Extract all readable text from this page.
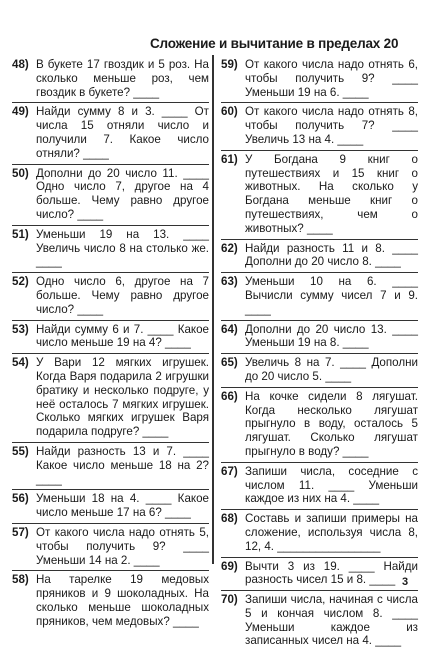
Сложение и вычитание в пределах 20
48) В букете 17 гвоздик и 5 роз. На сколько меньше роз, чем гвоздик в букете? ____
49) Найди сумму 8 и 3. ____ От числа 15 отняли число и получили 7. Какое число отняли? ____
50) Дополни до 20 число 11. ____ Одно число 7, другое на 4 больше. Чему равно другое число? ____
51) Уменьши 19 на 13. ____ Увеличь число 8 на столько же. ____
52) Одно число 6, другое на 7 больше. Чему равно другое число? ____
53) Найди сумму 6 и 7. ____ Какое число меньше 19 на 4? ____
54) У Вари 12 мягких игрушек. Когда Варя подарила 2 игрушки братику и несколько подруге, у неё осталось 7 мягких игрушек. Сколько мягких игрушек Варя подарила подруге? ____
55) Найди разность 13 и 7. ____ Какое число меньше 18 на 2? ____
56) Уменьши 18 на 4. ____ Какое число меньше 17 на 6? ____
57) От какого числа надо отнять 5, чтобы получить 9? ____ Уменьши 14 на 2. ____
58) На тарелке 19 медовых пряников и 9 шоколадных. На сколько меньше шоколадных пряников, чем медовых? ____
59) От какого числа надо отнять 6, чтобы получить 9? ____ Уменьши 19 на 6. ____
60) От какого числа надо отнять 8, чтобы получить 7? ____ Увеличь 13 на 4. ____
61) У Богдана 9 книг о путешествиях и 15 книг о животных. На сколько у Богдана меньше книг о путешествиях, чем о животных? ____
62) Найди разность 11 и 8. ____ Дополни до 20 число 8. ____
63) Уменьши 10 на 6. ____ Вычисли сумму чисел 7 и 9. ____
64) Дополни до 20 число 13. ____ Уменьши 19 на 8. ____
65) Увеличь 8 на 7. ____ Дополни до 20 число 5. ____
66) На кочке сидели 8 лягушат. Когда несколько лягушат прыгнуло в воду, осталось 5 лягушат. Сколько лягушат прыгнуло в воду? ____
67) Запиши числа, соседние с числом 11. ____ Уменьши каждое из них на 4. ____
68) Составь и запиши примеры на сложение, используя числа 8, 12, 4. ________________
69) Вычти 3 из 19. ____ Найди разность чисел 15 и 8. ____
70) Запиши числа, начиная с числа 5 и кончая числом 8. ____ Уменьши каждое из записанных чисел на 4. ____
3
